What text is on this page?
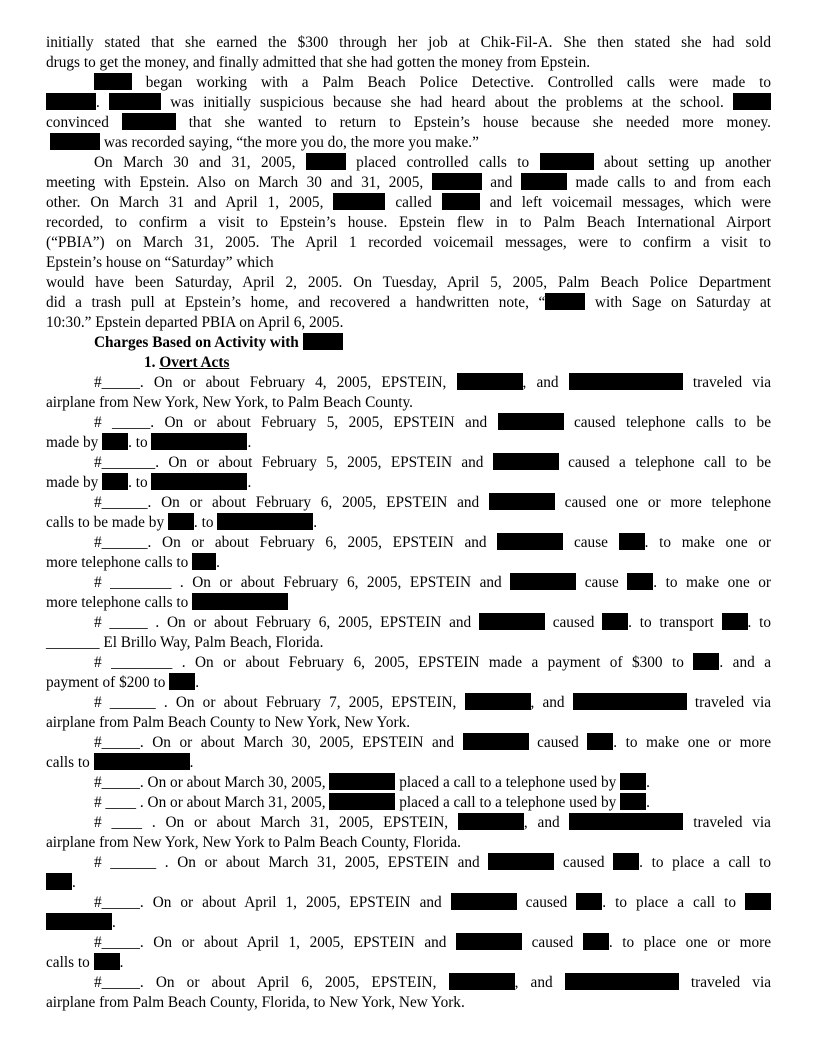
initially stated that she earned the $300 through her job at Chik-Fil-A. She then stated she had sold
drugs to get the money, and finally admitted that she had gotten the money from Epstein.
began working with a Palm Beach Police Detective. Controlled calls were made to
.	was initially suspicious because she had heard about the problems at the school.
convinced	that she wanted to return to Epstein’s house because she needed more money.
was recorded saying, “the more you do, the more you make.”
On March 30 and 31, 2005,	placed controlled calls to	about setting up another
meeting with Epstein. Also on March 30 and 31, 2005,	and	made calls to and from each
other. On March 31 and April 1, 2005,	called	and left voicemail messages, which were
recorded, to confirm a visit to Epstein’s house. Epstein flew in to Palm Beach International Airport
(“PBIA”) on March 31, 2005. The April 1 recorded voicemail messages, were to confirm a visit to
Epstein’s house on “Saturday” which
would have been Saturday, April 2, 2005. On Tuesday, April 5, 2005, Palm Beach Police Department
did a trash pull at Epstein’s home, and recovered a handwritten note, “	with Sage on Saturday at
10:30.” Epstein departed PBIA on April 6, 2005.
Charges Based on Activity with
1. Overt Acts
#_____. On or about February 4, 2005, EPSTEIN,	, and	traveled via
airplane from New York, New York, to Palm Beach County.
# _____. On or about February 5, 2005, EPSTEIN and	caused telephone calls to be
made by . to	.
#_______. On or about February 5, 2005, EPSTEIN and	caused a telephone call to be
made by . to	.
#______. On or about February 6, 2005, EPSTEIN and	caused one or more telephone
calls to be made by . to	.
#______. On or about February 6, 2005, EPSTEIN and	cause . to make one or
more telephone calls to .
# ________ . On or about February 6, 2005, EPSTEIN and	cause . to make one or
more telephone calls to
# _____ . On or about February 6, 2005, EPSTEIN and	caused . to transport . to
_______ El Brillo Way, Palm Beach, Florida.
# ________ . On or about February 6, 2005, EPSTEIN made a payment of $300 to . and a
payment of $200 to .
# ______ . On or about February 7, 2005, EPSTEIN,	, and	traveled via
airplane from Palm Beach County to New York, New York.
#_____. On or about March 30, 2005, EPSTEIN and	caused . to make one or more
calls to	.
#_____. On or about March 30, 2005,	placed a call to a telephone used by .
# ____ . On or about March 31, 2005,	placed a call to a telephone used by .
# ____ . On or about March 31, 2005, EPSTEIN,	, and	traveled via
airplane from New York, New York to Palm Beach County, Florida.
# ______ . On or about March 31, 2005, EPSTEIN and	caused . to place a call to
.
#_____. On or about April 1, 2005, EPSTEIN and	caused . to place a call to
.
#_____. On or about April 1, 2005, EPSTEIN and	caused . to place one or more
calls to .
#_____. On or about April 6, 2005, EPSTEIN,	, and	traveled via
airplane from Palm Beach County, Florida, to New York, New York.
